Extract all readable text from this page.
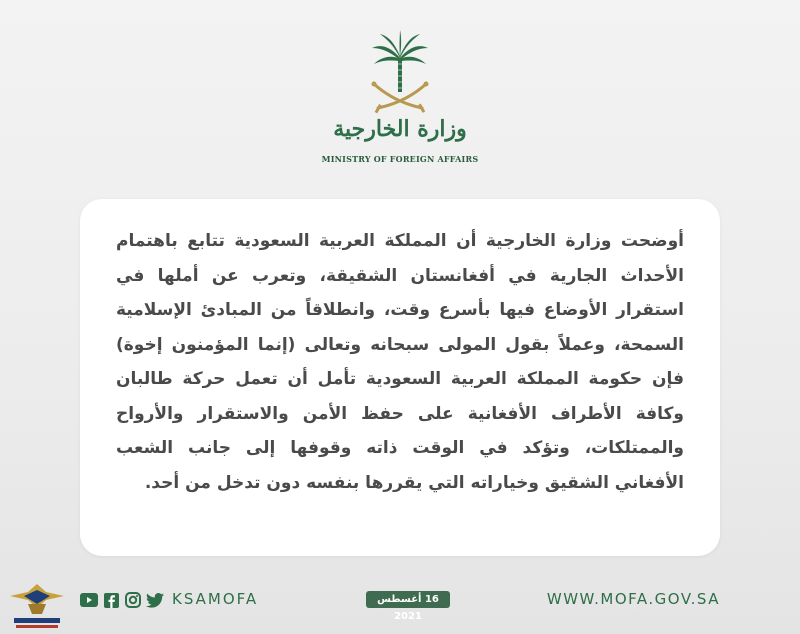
وزارة الخارجية
MINISTRY OF FOREIGN AFFAIRS

أوضحت وزارة الخارجية أن المملكة العربية السعودية تتابع باهتمام الأحداث الجارية في أفغانستان الشقيقة، وتعرب عن أملها في استقرار الأوضاع فيها بأسرع وقت، وانطلاقاً من المبادئ الإسلامية السمحة، وعملاً بقول المولى سبحانه وتعالى (إنما المؤمنون إخوة) فإن حكومة المملكة العربية السعودية تأمل أن تعمل حركة طالبان وكافة الأطراف الأفغانية على حفظ الأمن والاستقرار والأرواح والممتلكات، وتؤكد في الوقت ذاته وقوفها إلى جانب الشعب الأفغاني الشقيق وخياراته التي يقررها بنفسه دون تدخل من أحد.

KSAMOFA	16 أغسطس 2021
WWW.MOFA.GOV.SA
